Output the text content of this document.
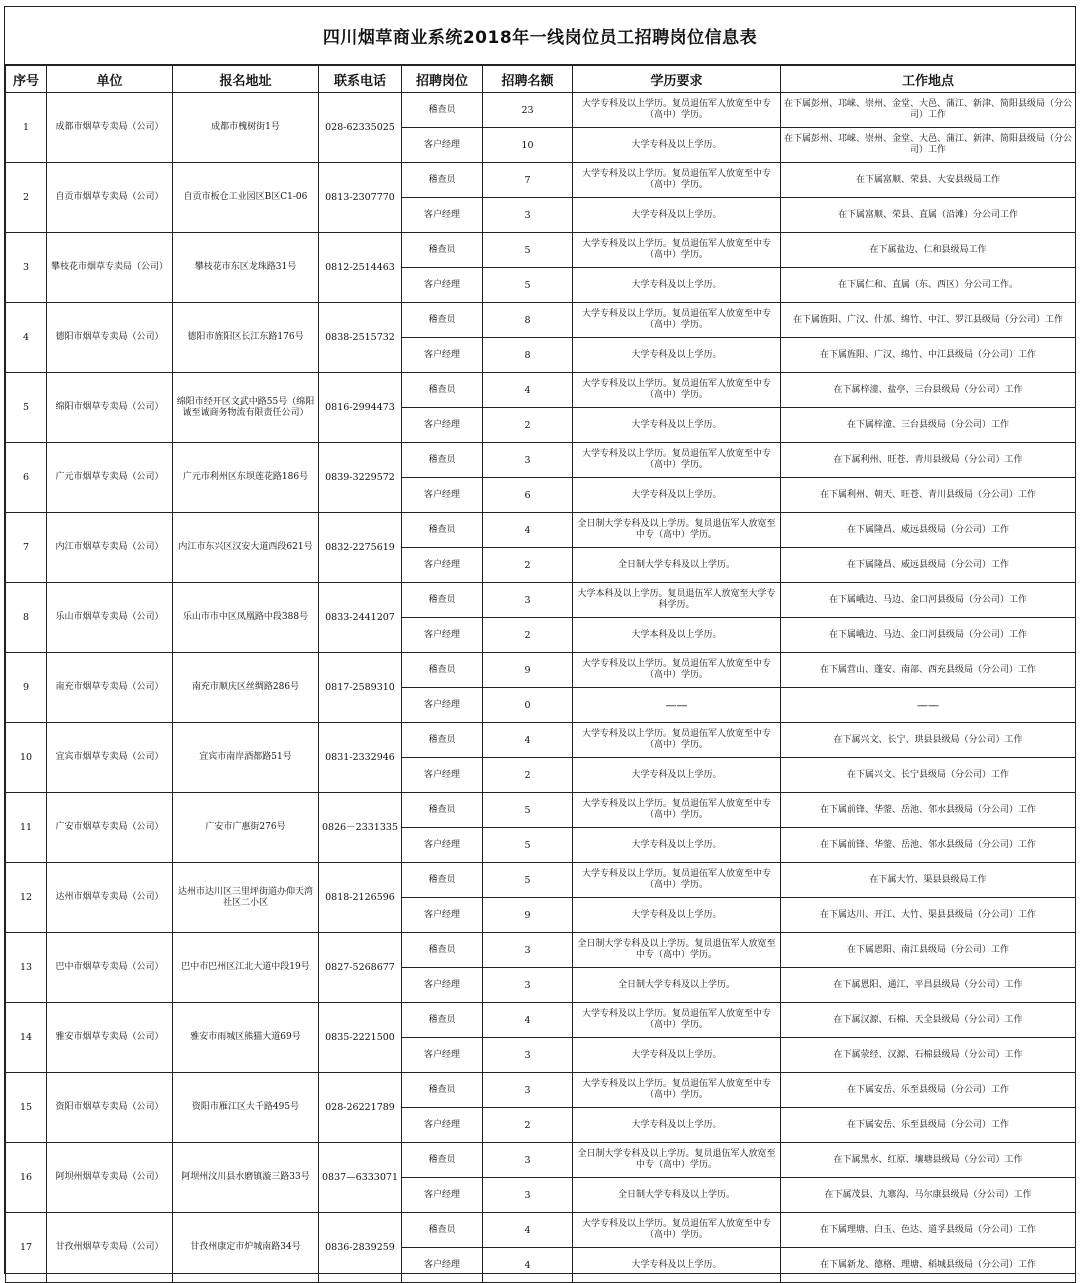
四川烟草商业系统2018年一线岗位员工招聘岗位信息表
序号	单位	报名地址	联系电话	招聘岗位	招聘名额	学历要求	工作地点
1	成都市烟草专卖局（公司）	成都市槐树街1号	028-62335025	稽查员	23	大学专科及以上学历。复员退伍军人放宽至中专（高中）学历。	在下属彭州、邛崃、崇州、金堂、大邑、蒲江、新津、简阳县级局（分公司）工作
				客户经理	10	大学专科及以上学历。	在下属彭州、邛崃、崇州、金堂、大邑、蒲江、新津、简阳县级局（分公司）工作
2	自贡市烟草专卖局（公司）	自贡市板仓工业园区B区C1-06	0813-2307770	稽查员	7	大学专科及以上学历。复员退伍军人放宽至中专（高中）学历。	在下属富顺、荣县、大安县级局工作
				客户经理	3	大学专科及以上学历。	在下属富顺、荣县、直属（沿滩）分公司工作
3	攀枝花市烟草专卖局（公司）	攀枝花市东区龙珠路31号	0812-2514463	稽查员	5	大学专科及以上学历。复员退伍军人放宽至中专（高中）学历。	在下属盐边、仁和县级局工作
				客户经理	5	大学专科及以上学历。	在下属仁和、直属（东、西区）分公司工作。
4	德阳市烟草专卖局（公司）	德阳市旌阳区长江东路176号	0838-2515732	稽查员	8	大学专科及以上学历。复员退伍军人放宽至中专（高中）学历。	在下属旌阳、广汉、什邡、绵竹、中江、罗江县级局（分公司）工作
				客户经理	8	大学专科及以上学历。	在下属旌阳、广汉、绵竹、中江县级局（分公司）工作
5	绵阳市烟草专卖局（公司）	绵阳市经开区文武中路55号（绵阳诚至诚商务物流有限责任公司）	0816-2994473	稽查员	4	大学专科及以上学历。复员退伍军人放宽至中专（高中）学历。	在下属梓潼、盐亭、三台县级局（分公司）工作
				客户经理	2	大学专科及以上学历。	在下属梓潼、三台县级局（分公司）工作
6	广元市烟草专卖局（公司）	广元市利州区东坝莲花路186号	0839-3229572	稽查员	3	大学专科及以上学历。复员退伍军人放宽至中专（高中）学历。	在下属利州、旺苍、青川县级局（分公司）工作
				客户经理	6	大学专科及以上学历。	在下属利州、朝天、旺苍、青川县级局（分公司）工作
7	内江市烟草专卖局（公司）	内江市东兴区汉安大道西段621号	0832-2275619	稽查员	4	全日制大学专科及以上学历。复员退伍军人放宽至中专（高中）学历。	在下属隆昌、威远县级局（分公司）工作
				客户经理	2	全日制大学专科及以上学历。	在下属隆昌、威远县级局（分公司）工作
8	乐山市烟草专卖局（公司）	乐山市市中区凤凰路中段388号	0833-2441207	稽查员	3	大学本科及以上学历。复员退伍军人放宽至大学专科学历。	在下属峨边、马边、金口河县级局（分公司）工作
				客户经理	2	大学本科及以上学历。	在下属峨边、马边、金口河县级局（分公司）工作
9	南充市烟草专卖局（公司）	南充市顺庆区丝绸路286号	0817-2589310	稽查员	9	大学专科及以上学历。复员退伍军人放宽至中专（高中）学历。	在下属营山、蓬安、南部、西充县级局（分公司）工作
				客户经理	0	——	——
10	宜宾市烟草专卖局（公司）	宜宾市南岸酒都路51号	0831-2332946	稽查员	4	大学专科及以上学历。复员退伍军人放宽至中专（高中）学历。	在下属兴文、长宁、珙县县级局（分公司）工作
				客户经理	2	大学专科及以上学历。	在下属兴文、长宁县级局（分公司）工作
11	广安市烟草专卖局（公司）	广安市广惠街276号	0826－2331335	稽查员	5	大学专科及以上学历。复员退伍军人放宽至中专（高中）学历。	在下属前锋、华蓥、岳池、邻水县级局（分公司）工作
				客户经理	5	大学专科及以上学历。	在下属前锋、华蓥、岳池、邻水县级局（分公司）工作
12	达州市烟草专卖局（公司）	达州市达川区三里坪街道办仰天湾社区二小区	0818-2126596	稽查员	5	大学专科及以上学历。复员退伍军人放宽至中专（高中）学历。	在下属大竹、渠县县级局工作
				客户经理	9	大学专科及以上学历。	在下属达川、开江、大竹、渠县县级局（分公司）工作
13	巴中市烟草专卖局（公司）	巴中市巴州区江北大道中段19号	0827-5268677	稽查员	3	全日制大学专科及以上学历。复员退伍军人放宽至中专（高中）学历。	在下属恩阳、南江县级局（分公司）工作
				客户经理	3	全日制大学专科及以上学历。	在下属恩阳、通江、平昌县级局（分公司）工作
14	雅安市烟草专卖局（公司）	雅安市雨城区熊猫大道69号	0835-2221500	稽查员	4	大学专科及以上学历。复员退伍军人放宽至中专（高中）学历。	在下属汉源、石棉、天全县级局（分公司）工作
				客户经理	3	大学专科及以上学历。	在下属荥经、汉源、石棉县级局（分公司）工作
15	资阳市烟草专卖局（公司）	资阳市雁江区大千路495号	028-26221789	稽查员	3	大学专科及以上学历。复员退伍军人放宽至中专（高中）学历。	在下属安岳、乐至县级局（分公司）工作
				客户经理	2	大学专科及以上学历。	在下属安岳、乐至县级局（分公司）工作
16	阿坝州烟草专卖局（公司）	阿坝州汶川县水磨镇漩三路33号	0837—6333071	稽查员	3	全日制大学专科及以上学历。复员退伍军人放宽至中专（高中）学历。	在下属黑水、红原、壤塘县级局（分公司）工作
				客户经理	3	全日制大学专科及以上学历。	在下属茂县、九寨沟、马尔康县级局（分公司）工作
17	甘孜州烟草专卖局（公司）	甘孜州康定市炉城南路34号	0836-2839259	稽查员	4	大学专科及以上学历。复员退伍军人放宽至中专（高中）学历。	在下属理塘、白玉、色达、道孚县级局（分公司）工作
				客户经理	4	大学专科及以上学历。	在下属新龙、德格、理塘、稻城县级局（分公司）工作
